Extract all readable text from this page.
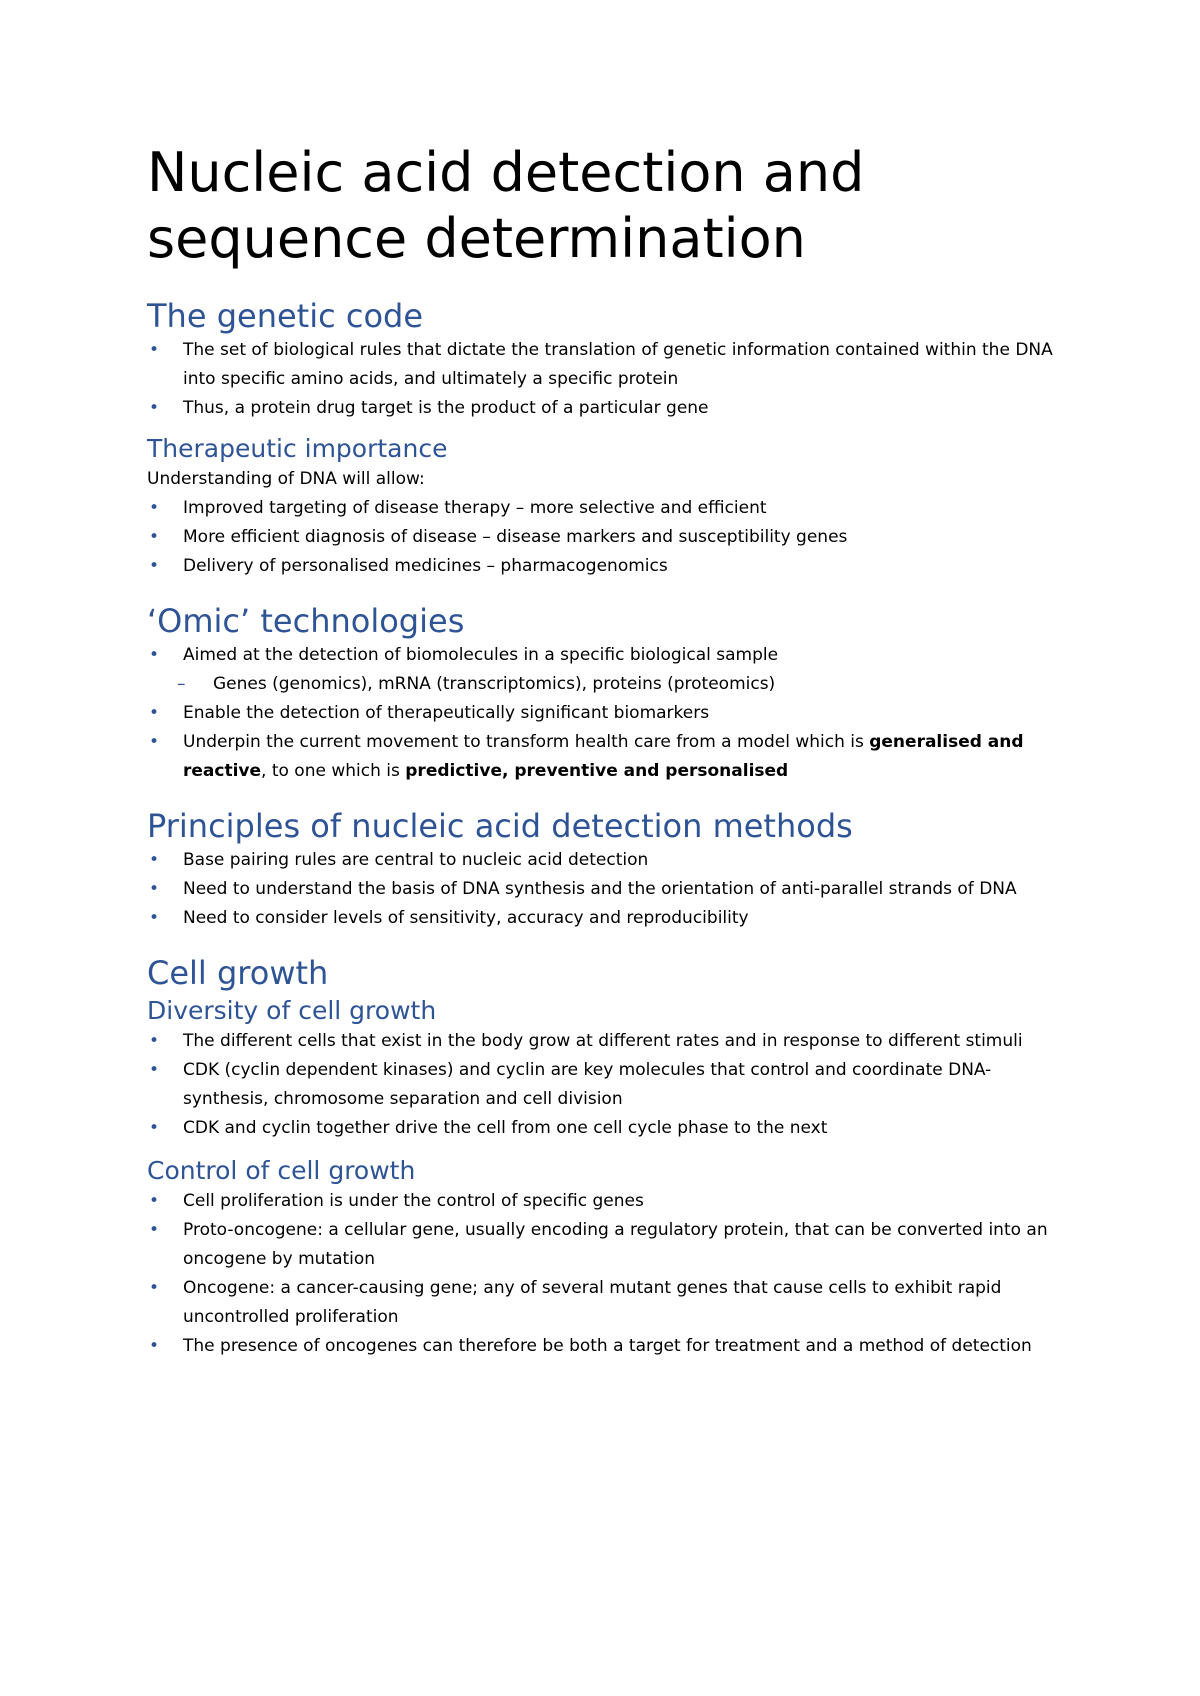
Nucleic acid detection and sequence determination
The genetic code
• The set of biological rules that dictate the translation of genetic information contained within the DNA into specific amino acids, and ultimately a specific protein
• Thus, a protein drug target is the product of a particular gene
Therapeutic importance

Understanding of DNA will allow:

• Improved targeting of disease therapy – more selective and efficient
• More efficient diagnosis of disease – disease markers and susceptibility genes
• Delivery of personalised medicines – pharmacogenomics
‘Omic’ technologies
• Aimed at the detection of biomolecules in a specific biological sample
– Genes (genomics), mRNA (transcriptomics), proteins (proteomics)
• Enable the detection of therapeutically significant biomarkers
• Underpin the current movement to transform health care from a model which is generalised and reactive, to one which is predictive, preventive and personalised
Principles of nucleic acid detection methods
• Base pairing rules are central to nucleic acid detection
• Need to understand the basis of DNA synthesis and the orientation of anti-parallel strands of DNA
• Need to consider levels of sensitivity, accuracy and reproducibility
Cell growth
Diversity of cell growth
• The different cells that exist in the body grow at different rates and in response to different stimuli
• CDK (cyclin dependent kinases) and cyclin are key molecules that control and coordinate DNA-synthesis, chromosome separation and cell division
• CDK and cyclin together drive the cell from one cell cycle phase to the next
Control of cell growth
• Cell proliferation is under the control of specific genes
• Proto-oncogene: a cellular gene, usually encoding a regulatory protein, that can be converted into an oncogene by mutation
• Oncogene: a cancer-causing gene; any of several mutant genes that cause cells to exhibit rapid uncontrolled proliferation
• The presence of oncogenes can therefore be both a target for treatment and a method of detection
